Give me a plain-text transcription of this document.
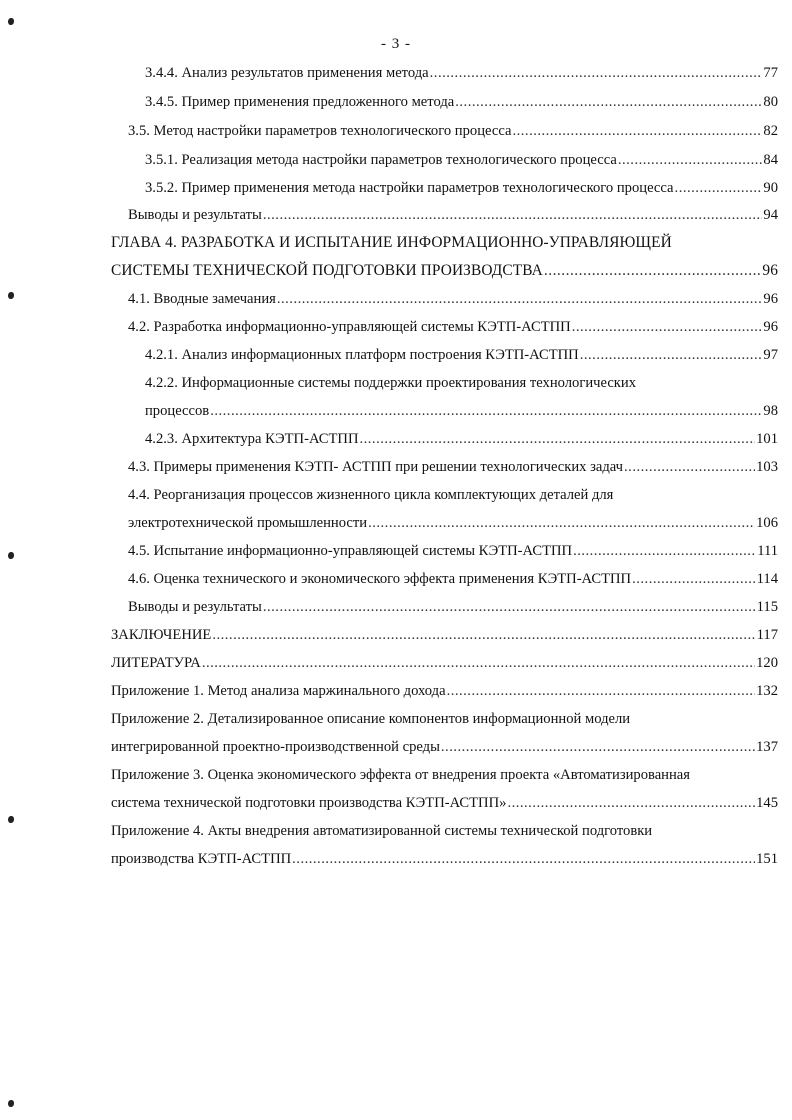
- 3 -
3.4.4. Анализ результатов применения метода .....	77
3.4.5. Пример применения предложенного метода .....	80
3.5. Метод настройки параметров технологического процесса .....	82
3.5.1. Реализация метода настройки параметров технологического процесса .....	84
3.5.2. Пример применения метода настройки параметров технологического процесса .....	90
Выводы и результаты .....	94
ГЛАВА 4. РАЗРАБОТКА И ИСПЫТАНИЕ ИНФОРМАЦИОННО-УПРАВЛЯЮЩЕЙ
СИСТЕМЫ ТЕХНИЧЕСКОЙ ПОДГОТОВКИ ПРОИЗВОДСТВА .....	96
4.1. Вводные замечания .....	96
4.2. Разработка информационно-управляющей системы КЭТП-АСТПП .....	96
4.2.1. Анализ информационных платформ построения КЭТП-АСТПП .....	97
4.2.2. Информационные системы поддержки проектирования технологических
процессов .....	98
4.2.3. Архитектура КЭТП-АСТПП .....	101
4.3. Примеры применения КЭТП- АСТПП при решении технологических задач .....	103
4.4. Реорганизация процессов жизненного цикла комплектующих деталей для
электротехнической промышленности .....	106
4.5. Испытание информационно-управляющей системы КЭТП-АСТПП .....	111
4.6. Оценка технического и экономического эффекта применения КЭТП-АСТПП .....	114
Выводы и результаты .....	115
ЗАКЛЮЧЕНИЕ .....	117
ЛИТЕРАТУРА .....	120
Приложение 1. Метод анализа маржинального дохода .....	132
Приложение 2. Детализированное описание компонентов информационной модели
интегрированной проектно-производственной среды .....	137
Приложение 3. Оценка экономического эффекта от внедрения проекта «Автоматизированная
система технической подготовки производства КЭТП-АСТПП» .....	145
Приложение 4. Акты внедрения автоматизированной системы технической подготовки
производства КЭТП-АСТПП .....	151
